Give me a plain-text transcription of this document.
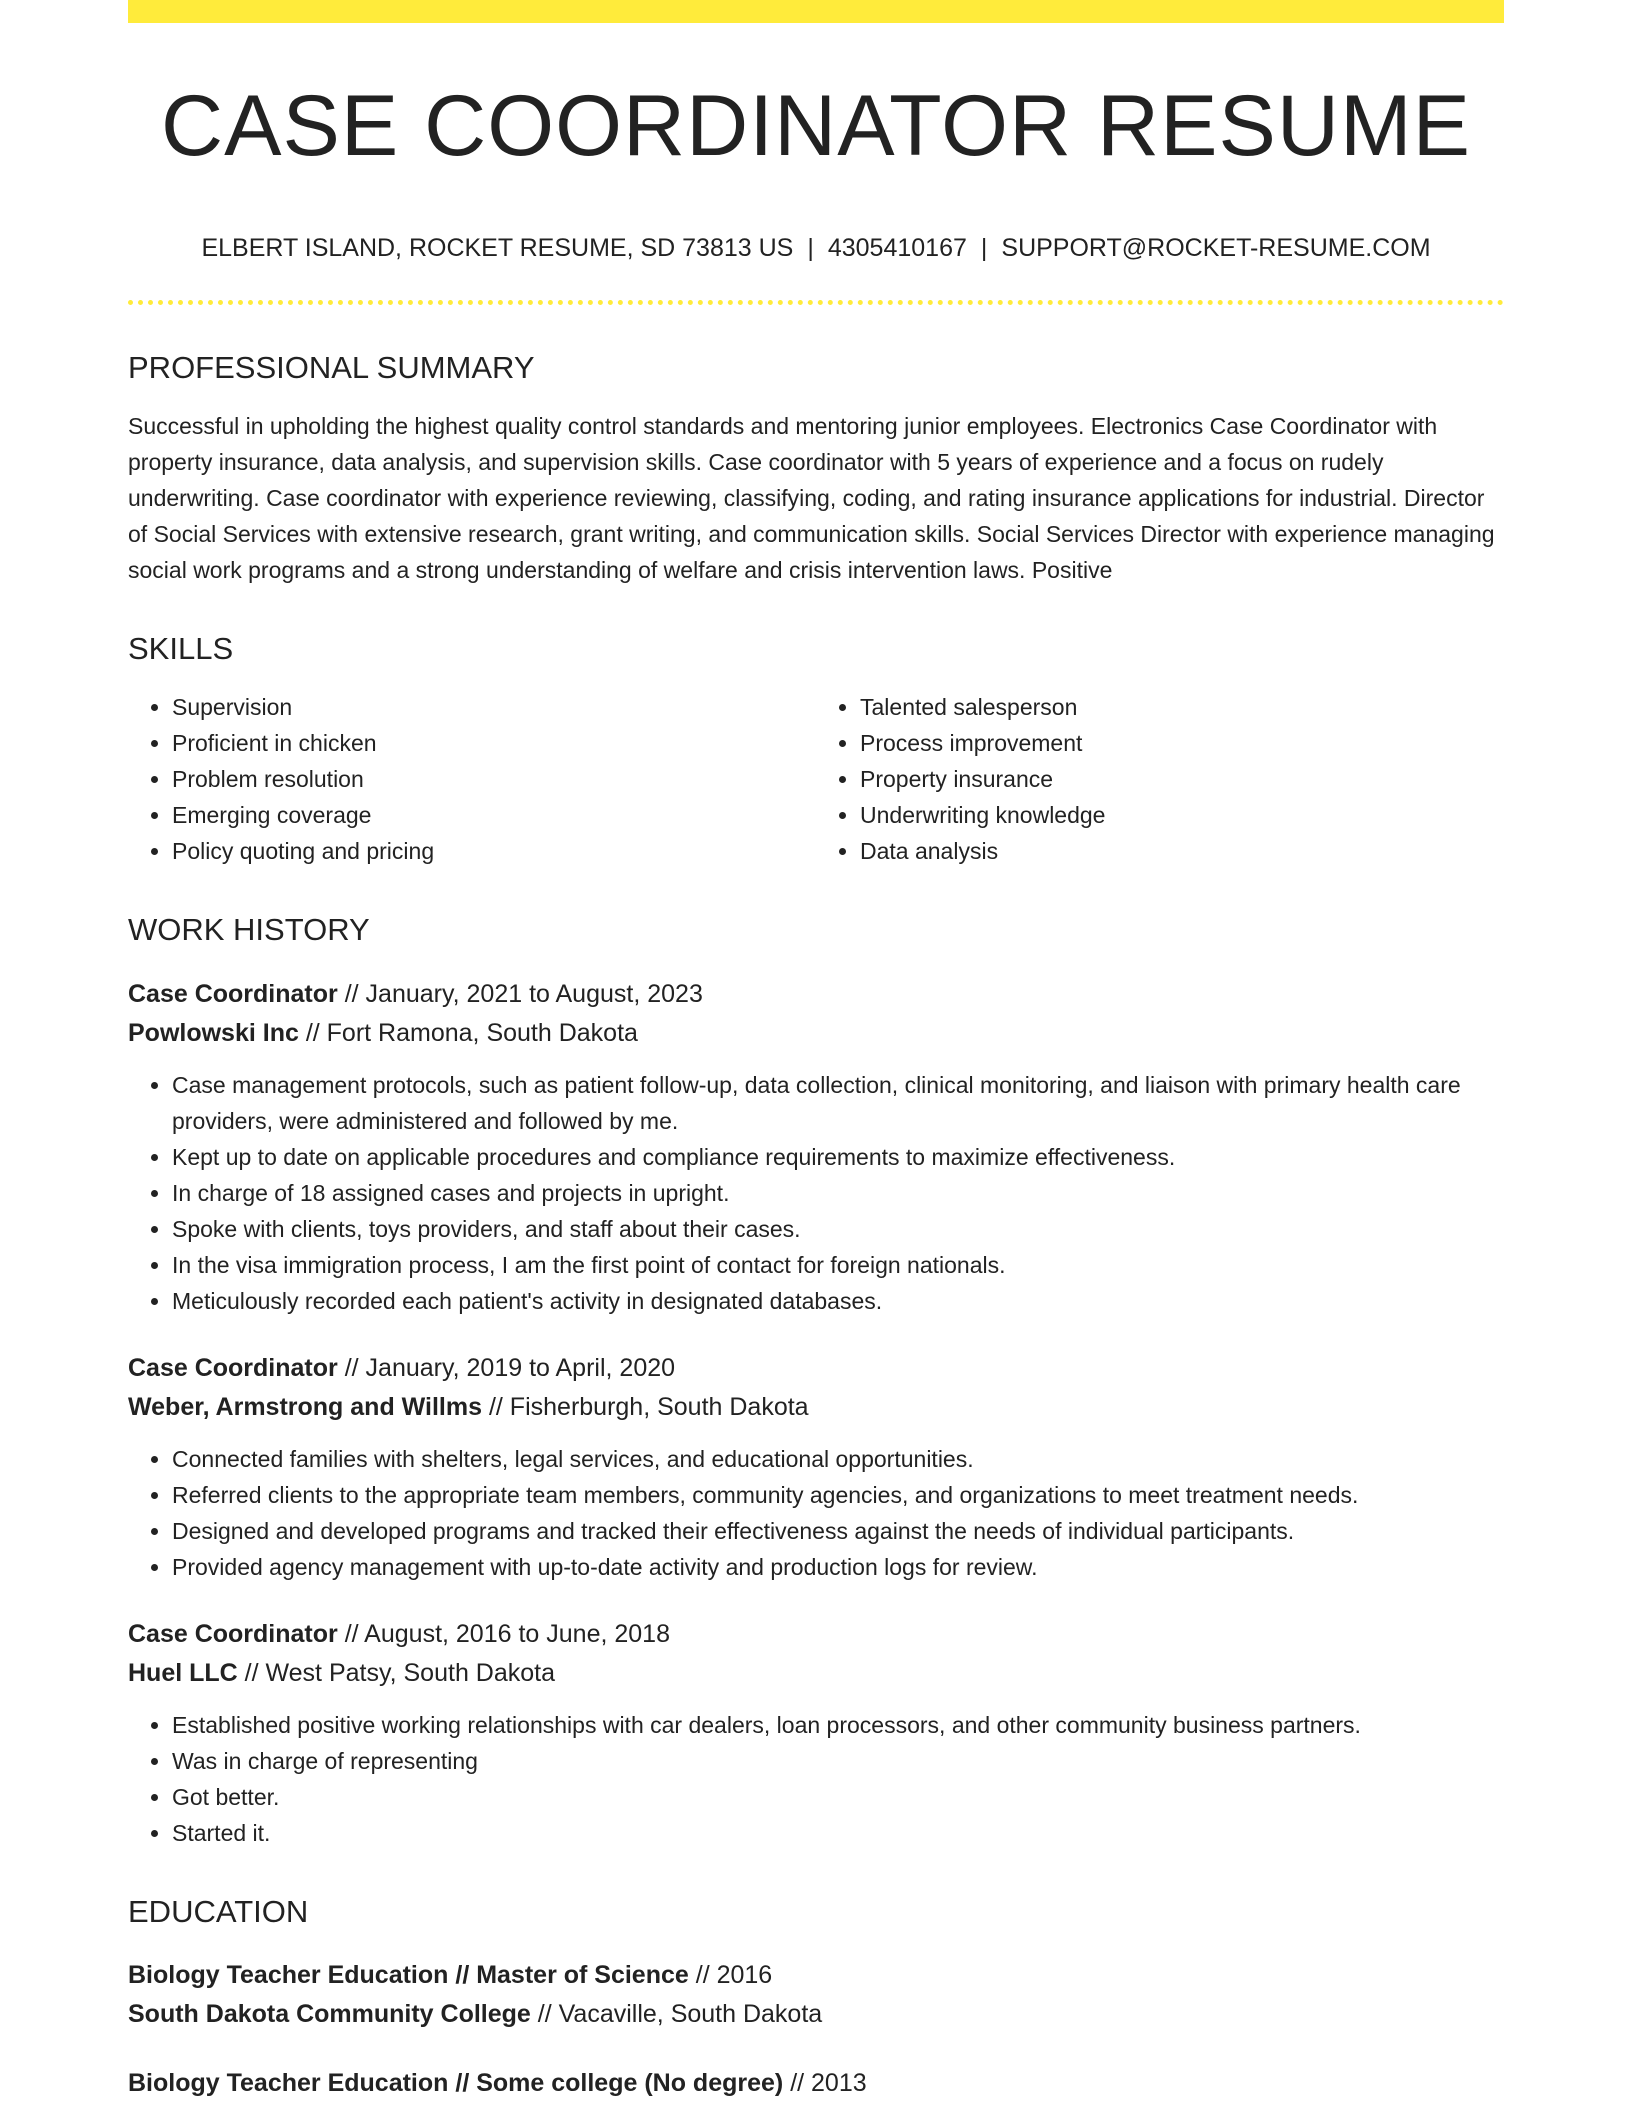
CASE COORDINATOR RESUME
ELBERT ISLAND, ROCKET RESUME, SD 73813 US | 4305410167 | SUPPORT@ROCKET-RESUME.COM
PROFESSIONAL SUMMARY
Successful in upholding the highest quality control standards and mentoring junior employees. Electronics Case Coordinator with property insurance, data analysis, and supervision skills. Case coordinator with 5 years of experience and a focus on rudely underwriting. Case coordinator with experience reviewing, classifying, coding, and rating insurance applications for industrial. Director of Social Services with extensive research, grant writing, and communication skills. Social Services Director with experience managing social work programs and a strong understanding of welfare and crisis intervention laws. Positive
SKILLS
• Supervision
• Proficient in chicken
• Problem resolution
• Emerging coverage
• Policy quoting and pricing
• Talented salesperson
• Process improvement
• Property insurance
• Underwriting knowledge
• Data analysis
WORK HISTORY
Case Coordinator // January, 2021 to August, 2023
Powlowski Inc // Fort Ramona, South Dakota
• Case management protocols, such as patient follow-up, data collection, clinical monitoring, and liaison with primary health care providers, were administered and followed by me.
• Kept up to date on applicable procedures and compliance requirements to maximize effectiveness.
• In charge of 18 assigned cases and projects in upright.
• Spoke with clients, toys providers, and staff about their cases.
• In the visa immigration process, I am the first point of contact for foreign nationals.
• Meticulously recorded each patient's activity in designated databases.
Case Coordinator // January, 2019 to April, 2020
Weber, Armstrong and Willms // Fisherburgh, South Dakota
• Connected families with shelters, legal services, and educational opportunities.
• Referred clients to the appropriate team members, community agencies, and organizations to meet treatment needs.
• Designed and developed programs and tracked their effectiveness against the needs of individual participants.
• Provided agency management with up-to-date activity and production logs for review.
Case Coordinator // August, 2016 to June, 2018
Huel LLC // West Patsy, South Dakota
• Established positive working relationships with car dealers, loan processors, and other community business partners.
• Was in charge of representing
• Got better.
• Started it.
EDUCATION
Biology Teacher Education // Master of Science // 2016
South Dakota Community College // Vacaville, South Dakota
Biology Teacher Education // Some college (No degree) // 2013
